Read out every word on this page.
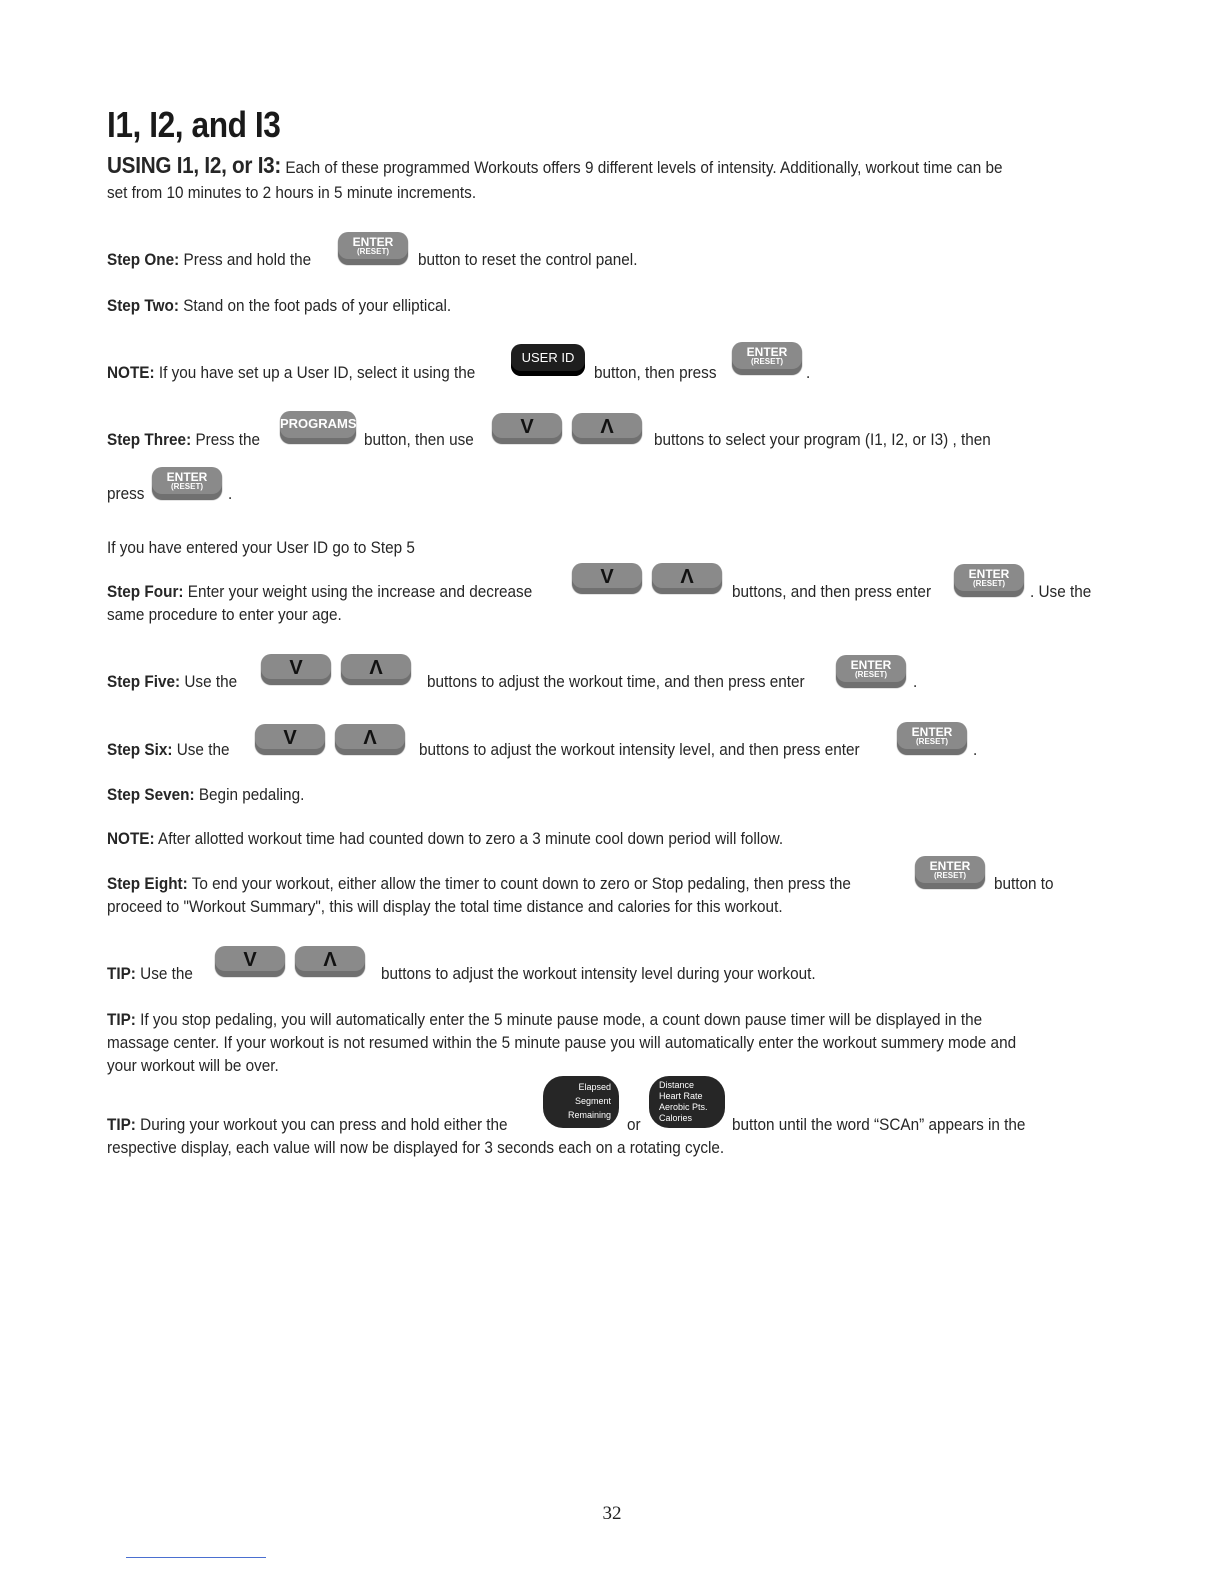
I1, I2, and I3
USING I1, I2, or I3: Each of these programmed Workouts offers 9 different levels of intensity. Additionally, workout time can be
set from 10 minutes to 2 hours in 5 minute increments.
Step One: Press and hold the
ENTER
(RESET)	button to reset the control panel.
Step Two: Stand on the foot pads of your elliptical.
NOTE: If you have set up a User ID, select it using the
USER ID
button, then press
ENTER
(RESET)
.
Step Three: Press the
PROGRAMS
button, then use
V	Λ
buttons to select your program (I1, I2, or I3) , then
press
ENTER
(RESET)	.
If you have entered your User ID go to Step 5
Step Four: Enter your weight using the increase and decrease
V	Λ
buttons, and then press enter
ENTER
(RESET)	. Use the
same procedure to enter your age.
Step Five: Use the
V	Λ
buttons to adjust the workout time, and then press enter
ENTER
(RESET)	.
Step Six: Use the
V	Λ
buttons to adjust the workout intensity level, and then press enter
ENTER
(RESET)	.
Step Seven: Begin pedaling.
NOTE: After allotted workout time had counted down to zero a 3 minute cool down period will follow.
Step Eight: To end your workout, either allow the timer to count down to zero or Stop pedaling, then press the
ENTER
(RESET)	button to
proceed to "Workout Summary", this will display the total time distance and calories for this workout.
TIP: Use the
V	Λ
buttons to adjust the workout intensity level during your workout.
TIP: If you stop pedaling, you will automatically enter the 5 minute pause mode, a count down pause timer will be displayed in the
massage center. If your workout is not resumed within the 5 minute pause you will automatically enter the workout summery mode and
your workout will be over.
TIP: During your workout you can press and hold either the
Elapsed
Segment
Remaining or
Distance
Heart Rate
Aerobic Pts.
Calories	button until the word “SCAn” appears in the
respective display, each value will now be displayed for 3 seconds each on a rotating cycle.
32
